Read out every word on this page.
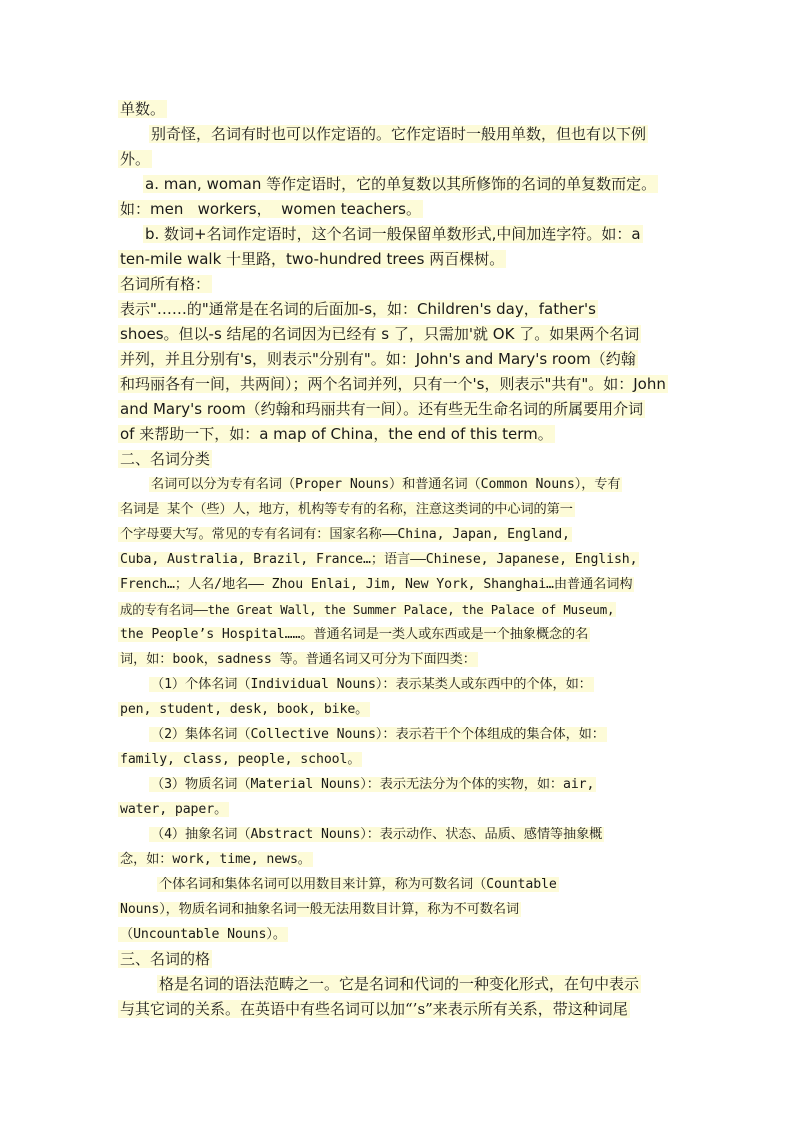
单数。
别奇怪，名词有时也可以作定语的。它作定语时一般用单数，但也有以下例
外。
a. man, woman 等作定语时，它的单复数以其所修饰的名词的单复数而定。
如：men   workers，  women teachers。
b. 数词+名词作定语时，这个名词一般保留单数形式,中间加连字符。如：a
ten-mile walk 十里路，two-hundred trees 两百棵树。
名词所有格：
表示"……的"通常是在名词的后面加-s，如：Children's day，father's
shoes。但以-s 结尾的名词因为已经有 s 了，只需加'就 OK 了。如果两个名词
并列，并且分别有's，则表示"分别有"。如：John's and Mary's room（约翰
和玛丽各有一间，共两间）；两个名词并列，只有一个's，则表示"共有"。如：John
and Mary's room（约翰和玛丽共有一间）。还有些无生命名词的所属要用介词
of 来帮助一下，如：a map of China，the end of this term。
二、名词分类
名词可以分为专有名词（Proper Nouns）和普通名词（Common Nouns），专有
名词是 某个（些）人，地方，机构等专有的名称，注意这类词的中心词的第一
个字母要大写。常见的专有名词有：国家名称——China, Japan, England,
Cuba, Australia, Brazil, France…；语言——Chinese, Japanese, English,
French…；人名/地名—— Zhou Enlai, Jim, New York, Shanghai…由普通名词构
成的专有名词——the Great Wall, the Summer Palace, the Palace of Museum,
the People’s Hospital……。普通名词是一类人或东西或是一个抽象概念的名
词，如：book，sadness 等。普通名词又可分为下面四类：
（1）个体名词（Individual Nouns）：表示某类人或东西中的个体，如：
pen, student, desk, book, bike。
（2）集体名词（Collective Nouns）：表示若干个个体组成的集合体，如：
family, class, people, school。
（3）物质名词（Material Nouns）：表示无法分为个体的实物，如：air,
water, paper。
（4）抽象名词（Abstract Nouns）：表示动作、状态、品质、感情等抽象概
念，如：work, time, news。
个体名词和集体名词可以用数目来计算，称为可数名词（Countable
Nouns），物质名词和抽象名词一般无法用数目计算，称为不可数名词
（Uncountable Nouns）。
三、名词的格
格是名词的语法范畴之一。它是名词和代词的一种变化形式，在句中表示
与其它词的关系。在英语中有些名词可以加“’s”来表示所有关系，带这种词尾
